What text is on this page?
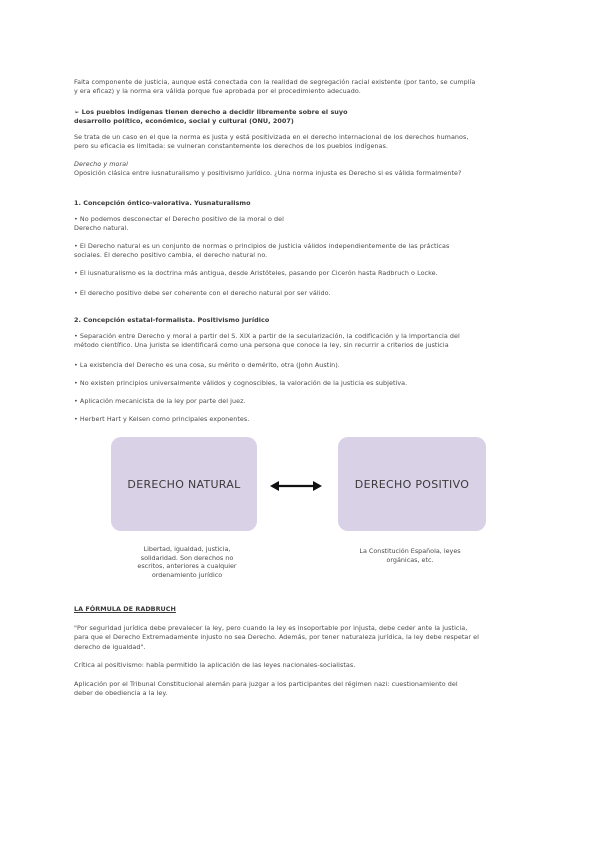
Falta componente de justicia, aunque está conectada con la realidad de segregación racial existente (por tanto, se cumplía
y era eficaz) y la norma era válida porque fue aprobada por el procedimiento adecuado.
➢ Los pueblos indígenas tienen derecho a decidir libremente sobre el suyo
desarrollo político, económico, social y cultural (ONU, 2007)
Se trata de un caso en el que la norma es justa y está positivizada en el derecho internacional de los derechos humanos,
pero su eficacia es limitada: se vulneran constantemente los derechos de los pueblos indígenas.
Derecho y moral
Oposición clásica entre iusnaturalismo y positivismo jurídico. ¿Una norma injusta es Derecho si es válida formalmente?
1. Concepción óntico-valorativa. Yusnaturalismo
• No podemos desconectar el Derecho positivo de la moral o del
Derecho natural.
• El Derecho natural es un conjunto de normas o principios de justicia válidos independientemente de las prácticas
sociales. El derecho positivo cambia, el derecho natural no.
• El iusnaturalismo es la doctrina más antigua, desde Aristóteles, pasando por Cicerón hasta Radbruch o Locke.
• El derecho positivo debe ser coherente con el derecho natural por ser válido.
2. Concepción estatal-formalista. Positivismo jurídico
• Separación entre Derecho y moral a partir del S. XIX a partir de la secularización, la codificación y la importancia del
método científico. Una jurista se identificará como una persona que conoce la ley, sin recurrir a criterios de justicia
• La existencia del Derecho es una cosa, su mérito o demérito, otra (John Austin).
• No existen principios universalmente válidos y cognoscibles, la valoración de la justicia es subjetiva.
• Aplicación mecanicista de la ley por parte del juez.
• Herbert Hart y Kelsen como principales exponentes.
DERECHO NATURAL	DERECHO POSITIVO
Libertad, igualdad, justicia,
solidaridad. Son derechos no
escritos, anteriores a cualquier
ordenamiento jurídico
La Constitución Española, leyes
orgánicas, etc.
LA FÓRMULA DE RADBRUCH
"Por seguridad jurídica debe prevalecer la ley, pero cuando la ley es insoportable por injusta, debe ceder ante la justicia,
para que el Derecho Extremadamente injusto no sea Derecho. Además, por tener naturaleza jurídica, la ley debe respetar el
derecho de igualdad".
Crítica al positivismo: había permitido la aplicación de las leyes nacionales-socialistas.
Aplicación por el Tribunal Constitucional alemán para juzgar a los participantes del régimen nazi: cuestionamiento del
deber de obediencia a la ley.
